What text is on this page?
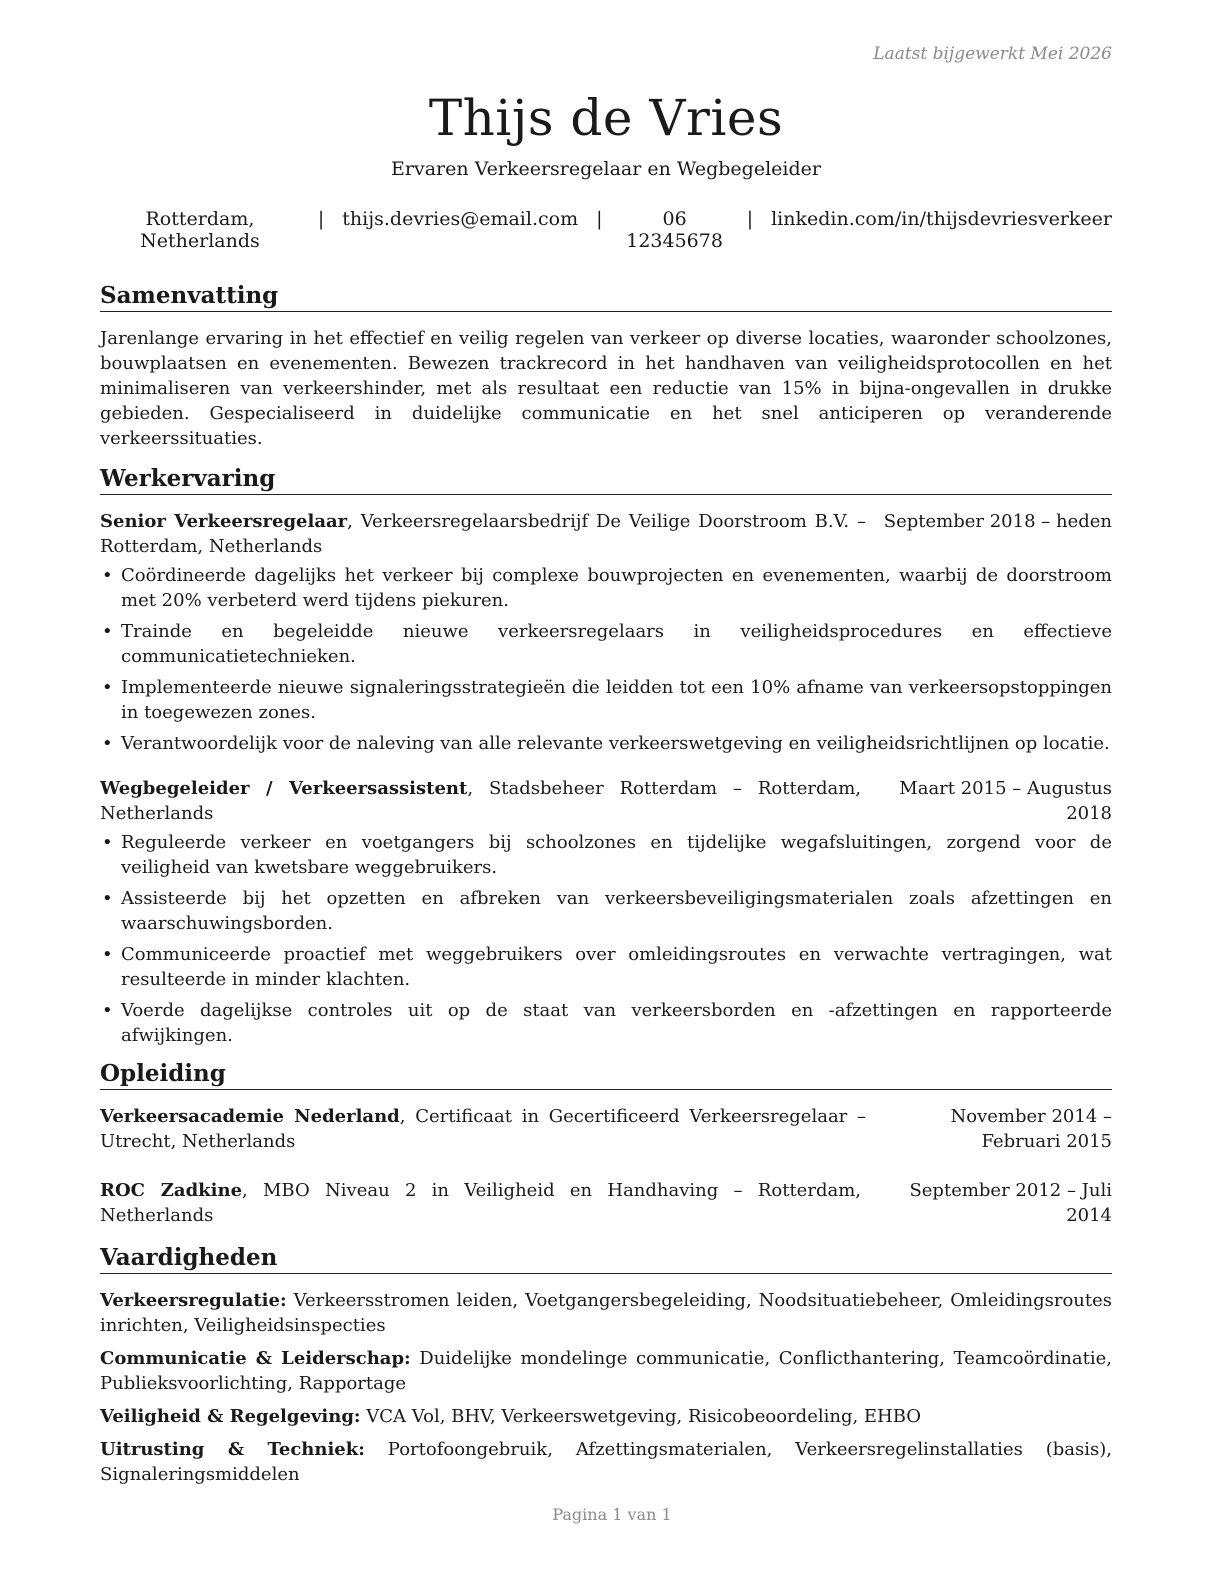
Laatst bijgewerkt Mei 2026
Thijs de Vries
Ervaren Verkeersregelaar en Wegbegeleider
Rotterdam, Netherlands
| thijs.devries@email.com |	06 12345678
| linkedin.com/in/thijsdevriesverkeer
Samenvatting

Jarenlange ervaring in het effectief en veilig regelen van verkeer op diverse locaties, waaronder schoolzones, bouwplaatsen en evenementen. Bewezen trackrecord in het handhaven van veiligheidsprotocollen en het minimaliseren van verkeershinder, met als resultaat een reductie van 15% in bijna-ongevallen in drukke gebieden. Gespecialiseerd in duidelijke communicatie en het snel anticiperen op veranderende verkeerssituaties.

Werkervaring
Senior Verkeersregelaar, Verkeersregelaarsbedrijf De Veilige Doorstroom B.V. – Rotterdam, Netherlands
September 2018 – heden
• Coördineerde dagelijks het verkeer bij complexe bouwprojecten en evenementen, waarbij de doorstroom met 20% verbeterd werd tijdens piekuren.
• Trainde en begeleidde nieuwe verkeersregelaars in veiligheidsprocedures en effectieve communicatietechnieken.
• Implementeerde nieuwe signaleringsstrategieën die leidden tot een 10% afname van verkeersopstoppingen in toegewezen zones.
• Verantwoordelijk voor de naleving van alle relevante verkeerswetgeving en veiligheidsrichtlijnen op locatie.
Wegbegeleider / Verkeersassistent, Stadsbeheer Rotterdam – Rotterdam, Netherlands
Maart 2015 – Augustus 2018
• Reguleerde verkeer en voetgangers bij schoolzones en tijdelijke wegafsluitingen, zorgend voor de veiligheid van kwetsbare weggebruikers.
• Assisteerde bij het opzetten en afbreken van verkeersbeveiligingsmaterialen zoals afzettingen en waarschuwingsborden.
• Communiceerde proactief met weggebruikers over omleidingsroutes en verwachte vertragingen, wat resulteerde in minder klachten.
• Voerde dagelijkse controles uit op de staat van verkeersborden en -afzettingen en rapporteerde afwijkingen.
Opleiding
Verkeersacademie Nederland, Certificaat in Gecertificeerd Verkeersregelaar – Utrecht, Netherlands
November 2014 – Februari 2015
ROC Zadkine, MBO Niveau 2 in Veiligheid en Handhaving – Rotterdam, Netherlands
September 2012 – Juli 2014
Vaardigheden
Verkeersregulatie: Verkeersstromen leiden, Voetgangersbegeleiding, Noodsituatiebeheer, Omleidingsroutes inrichten, Veiligheidsinspecties
Communicatie & Leiderschap: Duidelijke mondelinge communicatie, Conflicthantering, Teamcoördinatie, Publieksvoorlichting, Rapportage
Veiligheid & Regelgeving: VCA Vol, BHV, Verkeerswetgeving, Risicobeoordeling, EHBO
Uitrusting & Techniek: Portofoongebruik, Afzettingsmaterialen, Verkeersregelinstallaties (basis), Signaleringsmiddelen
Pagina 1 van 1
